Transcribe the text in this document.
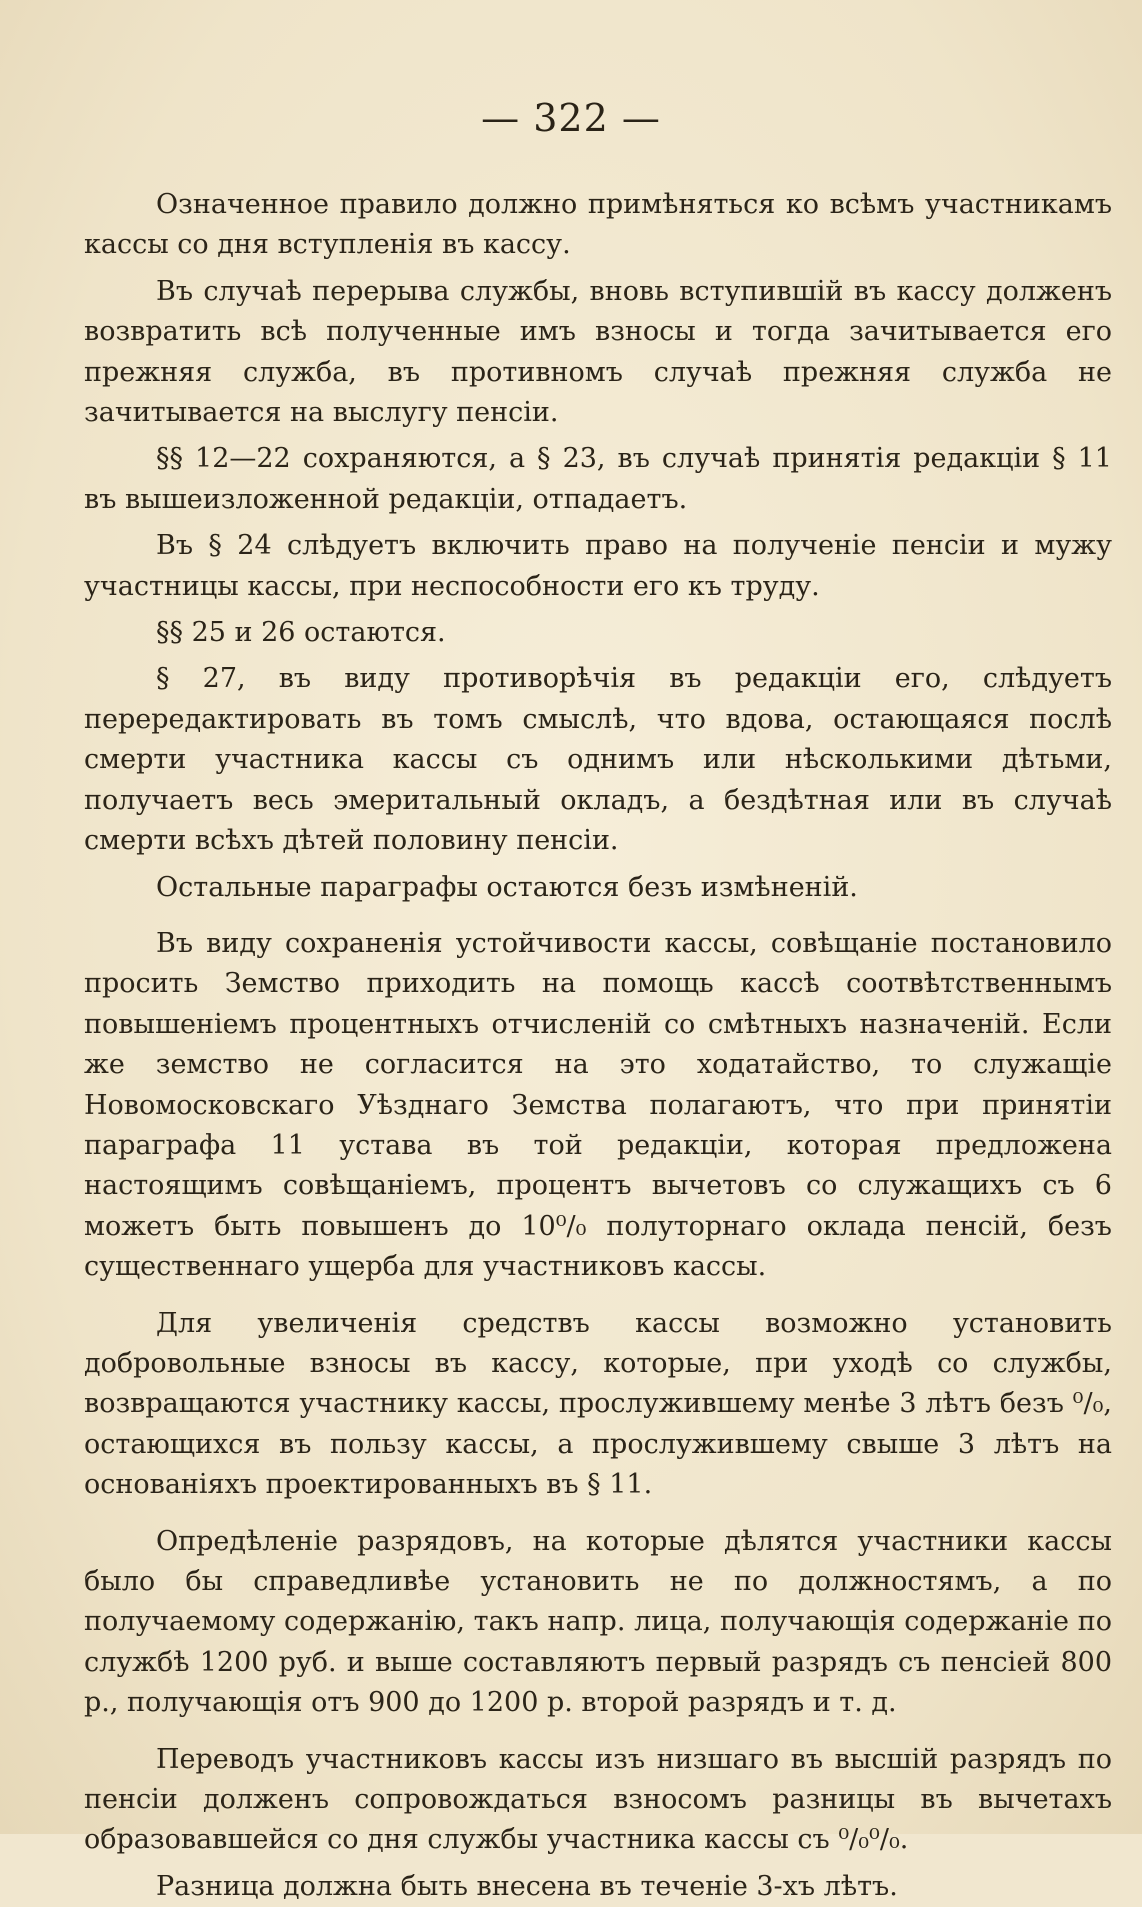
— 322 —

Означенное правило должно примѣняться ко всѣмъ участникамъ кассы со дня вступленія въ кассу.

Въ случаѣ перерыва службы, вновь вступившій въ кассу долженъ возвратить всѣ полученные имъ взносы и тогда зачитывается его прежняя служба, въ противномъ случаѣ прежняя служба не зачитывается на выслугу пенсіи.

§§ 12—22 сохраняются, а § 23, въ случаѣ принятія редакціи § 11 въ вышеизложенной редакціи, отпадаетъ.

Въ § 24 слѣдуетъ включить право на полученіе пенсіи и мужу участницы кассы, при неспособности его къ труду.

§§ 25 и 26 остаются.

§ 27, въ виду противорѣчія въ редакціи его, слѣдуетъ перередактировать въ томъ смыслѣ, что вдова, остающаяся послѣ смерти участника кассы съ однимъ или нѣсколькими дѣтьми, получаетъ весь эмеритальный окладъ, а бездѣтная или въ случаѣ смерти всѣхъ дѣтей половину пенсіи.

Остальные параграфы остаются безъ измѣненій.

Въ виду сохраненія устойчивости кассы, совѣщаніе постановило просить Земство приходить на помощь кассѣ соотвѣтственнымъ повышеніемъ процентныхъ отчисленій со смѣтныхъ назначеній. Если же земство не согласится на это ходатайство, то служащіе Новомосковскаго Уѣзднаго Земства полагаютъ, что при принятіи параграфа 11 устава въ той редакціи, которая предложена настоящимъ совѣщаніемъ, процентъ вычетовъ со служащихъ съ 6 можетъ быть повышенъ до 10⁰/₀ полуторнаго оклада пенсій, безъ существеннаго ущерба для участниковъ кассы.

Для увеличенія средствъ кассы возможно установить добровольные взносы въ кассу, которые, при уходѣ со службы, возвращаются участнику кассы, прослужившему менѣе 3 лѣтъ безъ ⁰/₀, остающихся въ пользу кассы, а прослужившему свыше 3 лѣтъ на основаніяхъ проектированныхъ въ § 11.

Опредѣленіе разрядовъ, на которые дѣлятся участники кассы было бы справедливѣе установить не по должностямъ, а по получаемому содержанію, такъ напр. лица, получающія содержаніе по службѣ 1200 руб. и выше составляютъ первый разрядъ съ пенсіей 800 р., получающія отъ 900 до 1200 р. второй разрядъ и т. д.

Переводъ участниковъ кассы изъ низшаго въ высшій разрядъ по пенсіи долженъ сопровождаться взносомъ разницы въ вычетахъ образовавшейся со дня службы участника кассы съ ⁰/₀⁰/₀.

Разница должна быть внесена въ теченіе 3-хъ лѣтъ.
